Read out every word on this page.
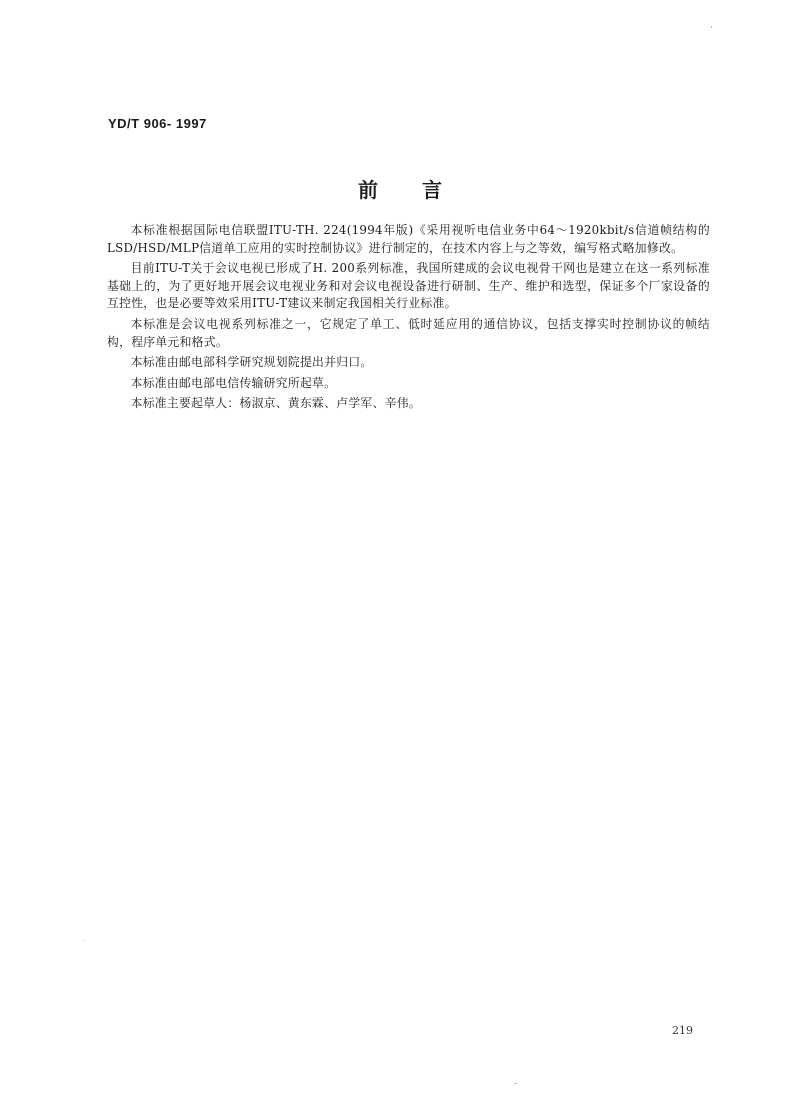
YD/T 906- 1997
前言

本标准根据国际电信联盟ITU-TH. 224(1994年版)《采用视听电信业务中64～1920kbit/s信道帧结构的LSD/HSD/MLP信道单工应用的实时控制协议》进行制定的，在技术内容上与之等效，编写格式略加修改。

目前ITU-T关于会议电视已形成了H. 200系列标准，我国所建成的会议电视骨干网也是建立在这一系列标准基础上的，为了更好地开展会议电视业务和对会议电视设备进行研制、生产、维护和选型，保证多个厂家设备的互控性，也是必要等效采用ITU-T建议来制定我国相关行业标准。

本标准是会议电视系列标准之一，它规定了单工、低时延应用的通信协议，包括支撑实时控制协议的帧结构，程序单元和格式。

本标准由邮电部科学研究规划院提出并归口。

本标准由邮电部电信传输研究所起草。

本标准主要起草人：杨淑京、黄东霖、卢学军、辛伟。

219
